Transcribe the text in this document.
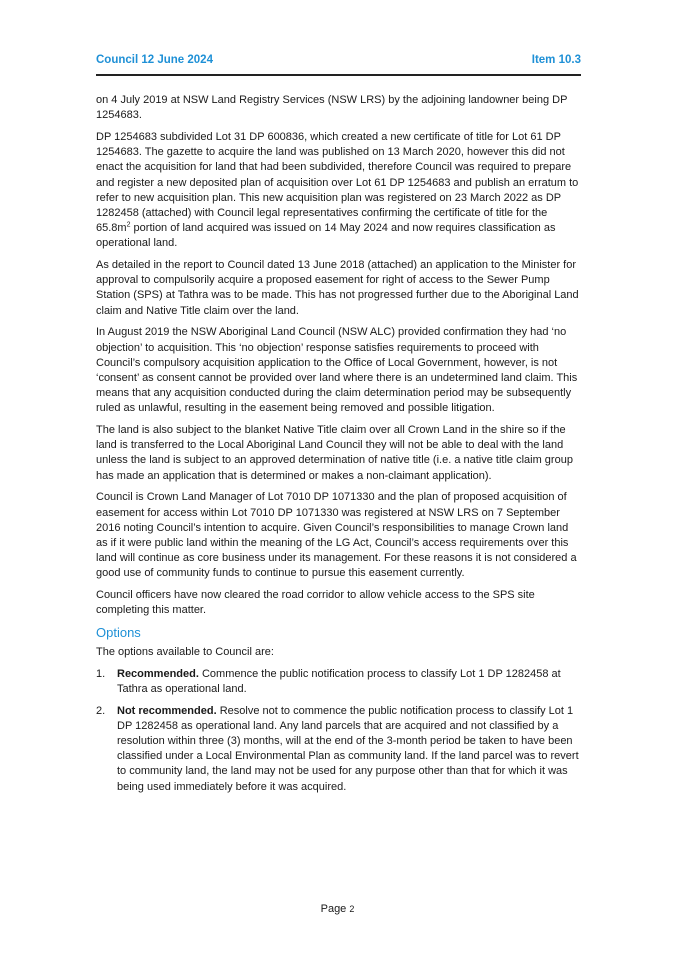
Council 12 June 2024	Item 10.3

on 4 July 2019 at NSW Land Registry Services (NSW LRS) by the adjoining landowner being DP 1254683.

DP 1254683 subdivided Lot 31 DP 600836, which created a new certificate of title for Lot 61 DP 1254683. The gazette to acquire the land was published on 13 March 2020, however this did not enact the acquisition for land that had been subdivided, therefore Council was required to prepare and register a new deposited plan of acquisition over Lot 61 DP 1254683 and publish an erratum to refer to new acquisition plan. This new acquisition plan was registered on 23 March 2022 as DP 1282458 (attached) with Council legal representatives confirming the certificate of title for the $65.8m^2$ portion of land acquired was issued on 14 May 2024 and now requires classification as operational land.

As detailed in the report to Council dated 13 June 2018 (attached) an application to the Minister for approval to compulsorily acquire a proposed easement for right of access to the Sewer Pump Station (SPS) at Tathra was to be made. This has not progressed further due to the Aboriginal Land claim and Native Title claim over the land.

In August 2019 the NSW Aboriginal Land Council (NSW ALC) provided confirmation they had ‘no objection’ to acquisition. This ‘no objection’ response satisfies requirements to proceed with Council’s compulsory acquisition application to the Office of Local Government, however, is not ‘consent’ as consent cannot be provided over land where there is an undetermined land claim. This means that any acquisition conducted during the claim determination period may be subsequently ruled as unlawful, resulting in the easement being removed and possible litigation.

The land is also subject to the blanket Native Title claim over all Crown Land in the shire so if the land is transferred to the Local Aboriginal Land Council they will not be able to deal with the land unless the land is subject to an approved determination of native title (i.e. a native title claim group has made an application that is determined or makes a non-claimant application).

Council is Crown Land Manager of Lot 7010 DP 1071330 and the plan of proposed acquisition of easement for access within Lot 7010 DP 1071330 was registered at NSW LRS on 7 September 2016 noting Council’s intention to acquire. Given Council’s responsibilities to manage Crown land as if it were public land within the meaning of the LG Act, Council’s access requirements over this land will continue as core business under its management. For these reasons it is not considered a good use of community funds to continue to pursue this easement currently.

Council officers have now cleared the road corridor to allow vehicle access to the SPS site completing this matter.

Options

The options available to Council are:

1. Recommended. Commence the public notification process to classify Lot 1 DP 1282458 at Tathra as operational land.
2. Not recommended. Resolve not to commence the public notification process to classify Lot 1 DP 1282458 as operational land. Any land parcels that are acquired and not classified by a resolution within three (3) months, will at the end of the 3-month period be taken to have been classified under a Local Environmental Plan as community land. If the land parcel was to revert to community land, the land may not be used for any purpose other than that for which it was being used immediately before it was acquired.
Page 2
